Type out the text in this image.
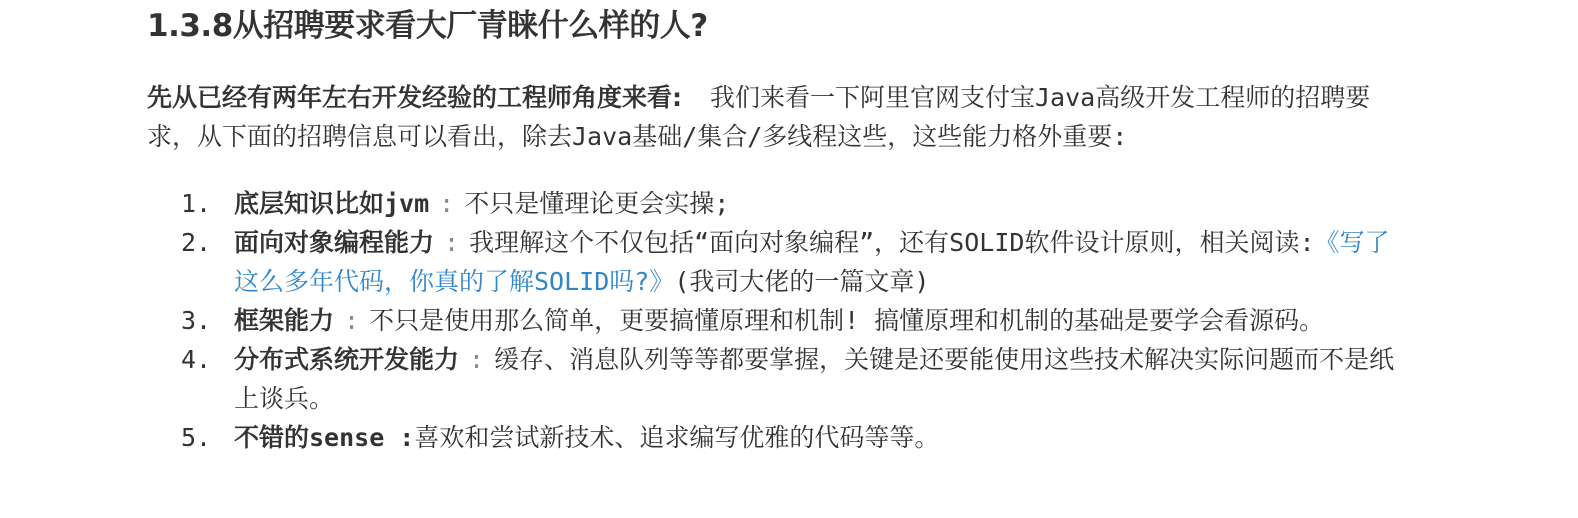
1.3.8从招聘要求看大厂青睐什么样的人?

先从已经有两年左右开发经验的工程师角度来看: 我们来看一下阿里官网支付宝Java高级开发工程师的招聘要求，从下面的招聘信息可以看出，除去Java基础/集合/多线程这些，这些能力格外重要:

1. 底层知识比如jvm : 不只是懂理论更会实操;
2. 面向对象编程能力 : 我理解这个不仅包括“面向对象编程”，还有SOLID软件设计原则，相关阅读:《写了这么多年代码，你真的了解SOLID吗?》(我司大佬的一篇文章)
3. 框架能力 : 不只是使用那么简单，更要搞懂原理和机制! 搞懂原理和机制的基础是要学会看源码。
4. 分布式系统开发能力 : 缓存、消息队列等等都要掌握，关键是还要能使用这些技术解决实际问题而不是纸上谈兵。
5. 不错的sense :喜欢和尝试新技术、追求编写优雅的代码等等。
